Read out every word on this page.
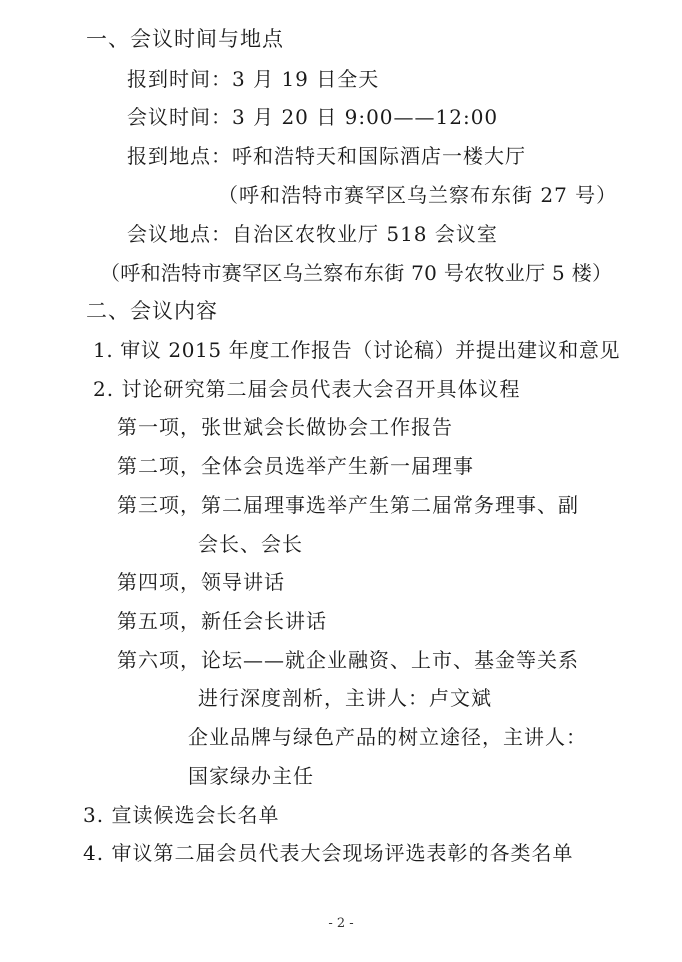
一、会议时间与地点
报到时间：3 月 19 日全天
会议时间：3 月 20 日 9:00——12:00
报到地点：呼和浩特天和国际酒店一楼大厅
（呼和浩特市赛罕区乌兰察布东街 27 号）
会议地点：自治区农牧业厅 518 会议室
（呼和浩特市赛罕区乌兰察布东街 70 号农牧业厅 5 楼）
二、会议内容
1. 审议 2015 年度工作报告（讨论稿）并提出建议和意见
2. 讨论研究第二届会员代表大会召开具体议程
第一项，张世斌会长做协会工作报告
第二项，全体会员选举产生新一届理事
第三项，第二届理事选举产生第二届常务理事、副
会长、会长
第四项，领导讲话
第五项，新任会长讲话
第六项，论坛——就企业融资、上市、基金等关系
进行深度剖析，主讲人：卢文斌
企业品牌与绿色产品的树立途径，主讲人：
国家绿办主任
3. 宣读候选会长名单
4. 审议第二届会员代表大会现场评选表彰的各类名单
- 2 -
